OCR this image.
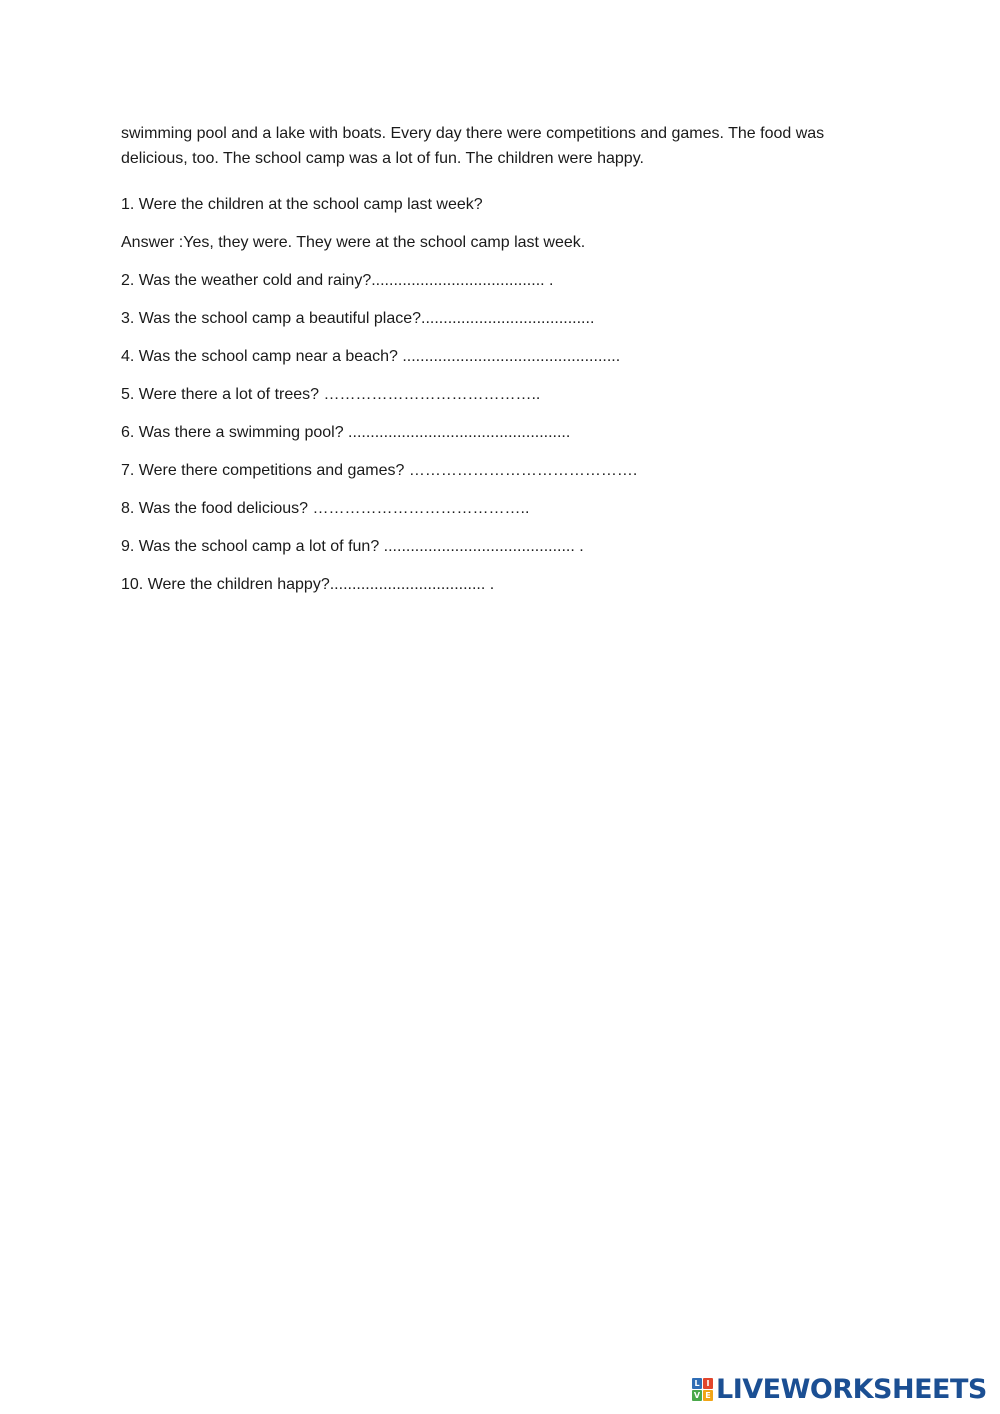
swimming pool and a lake with boats. Every day there were competitions and games. The food was
delicious, too. The school camp was a lot of fun. The children were happy.

1. Were the children at the school camp last week?
Answer :Yes, they were. They were at the school camp last week.
2. Was the weather cold and rainy?....................................... .
3. Was the school camp a beautiful place?.......................................
4. Was the school camp near a beach? .................................................
5. Were there a lot of trees? …………………………………..
6. Was there a swimming pool? ..................................................
7. Were there competitions and games? …………………………………….
8. Was the food delicious? …………………………………..
9. Was the school camp a lot of fun? ........................................... .
10. Were the children happy?................................... .
L I
V E LIVEWORKSHEETS
